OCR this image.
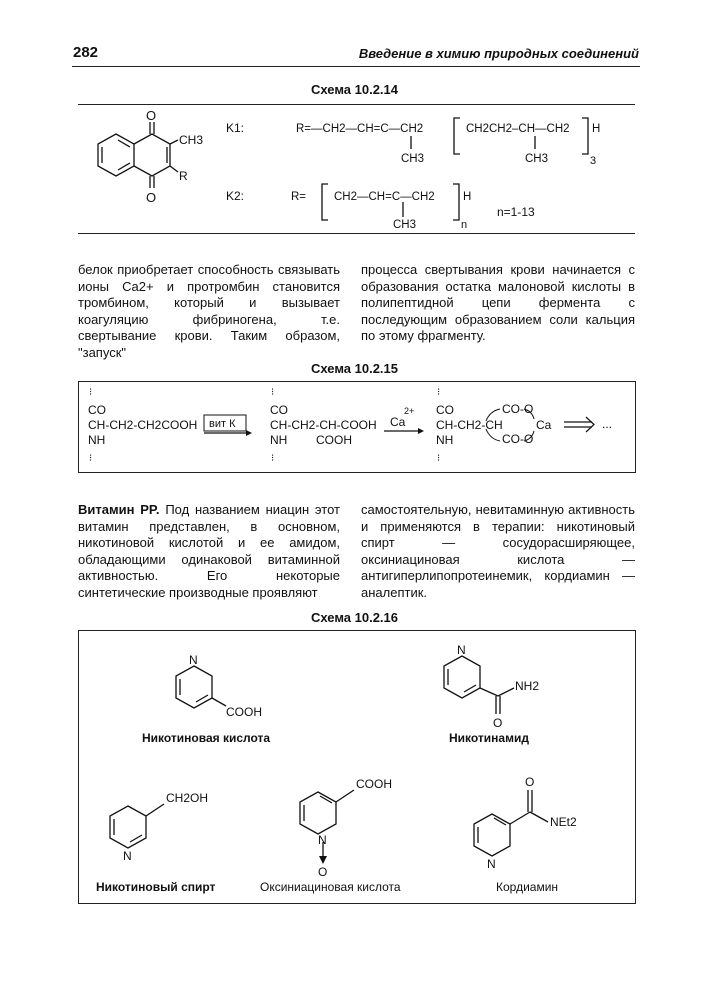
282	Введение в химию природных соединений
Схема 10.2.14
O
O
CH3
R
K1:	R=—CH2—CH=C—CH2	CH2CH2–CH—CH2 H
3
CH3	CH3
K2:	R= CH2—CH=C—CH2 H
n
CH3
n=1-13

белок приобретает способность связывать ионы Ca2+ и протромбин становится тромбином, который и вызывает коагуляцию фибриногена, т.е. свертывание крови. Таким образом, "запуск"

процесса свертывания крови начинается с образования остатка малоновой кислоты в полипептидной цепи фермента с последующим образованием соли кальция по этому фрагменту.

Схема 10.2.15
⁝
CO
CH-CH2-CH2COOH
NH
⁝
вит К
⁝
CO
CH-CH2-CH-COOH
NH COOH
⁝
Ca
2+
⁝
CO
CH-CH2-CH
NH
⁝
CO-O
CO-O
Ca	...

Витамин PP. Под названием ниацин этот витамин представлен, в основном, никотиновой кислотой и ее амидом, обладающими одинаковой витаминной активностью. Его некоторые синтетические производные проявляют

самостоятельную, невитаминную активность и применяются в терапии: никотиновый спирт — сосудорасширяющее, оксиниациновая кислота — антигиперлипопротеинемик, кордиамин — аналептик.

Схема 10.2.16
N
COOH
Никотиновая кислота
N
NH2
O
Никотинамид
N
CH2OH
Никотиновый спирт
N
O
COOH
Оксиниациновая кислота
N
O
NEt2
Кордиамин
